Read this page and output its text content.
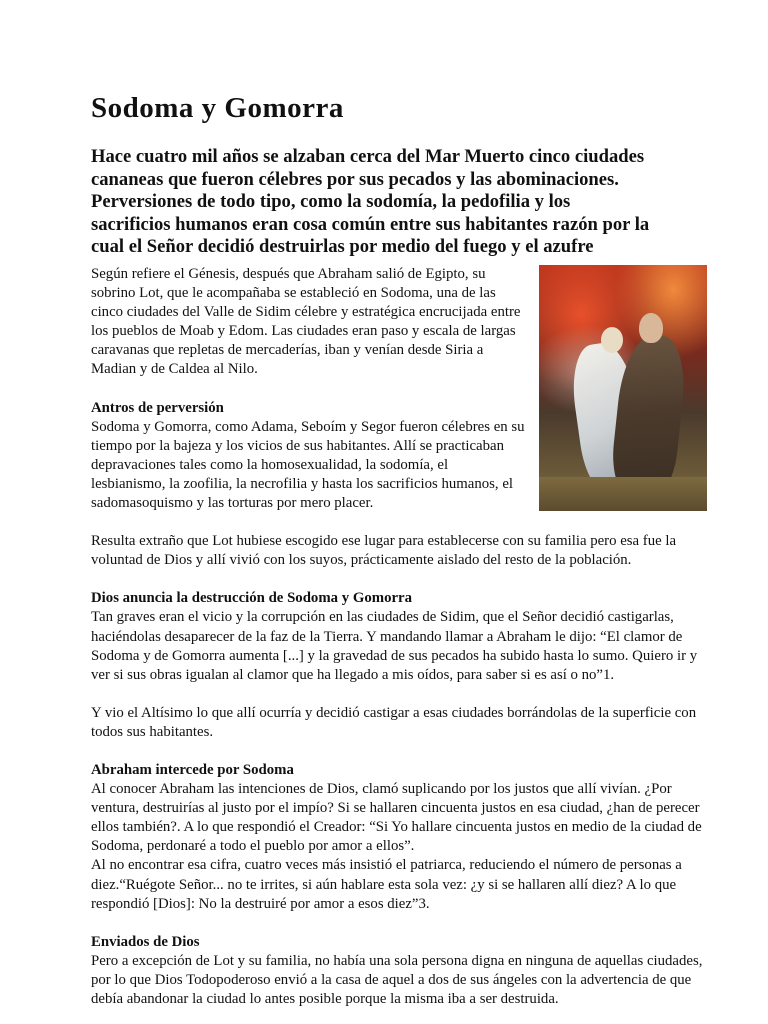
Sodoma y Gomorra

Hace cuatro mil años se alzaban cerca del Mar Muerto cinco ciudades cananeas que fueron célebres por sus pecados y las abominaciones. Perversiones de todo tipo, como la sodomía, la pedofilia y los sacrificios humanos eran cosa común entre sus habitantes razón por la cual el Señor decidió destruirlas por medio del fuego y el azufre

Según refiere el Génesis, después que Abraham salió de Egipto, su sobrino Lot, que le acompañaba se estableció en Sodoma, una de las cinco ciudades del Valle de Sidim célebre y estratégica encrucijada entre los pueblos de Moab y Edom. Las ciudades eran paso y escala de largas caravanas que repletas de mercaderías, iban y venían desde Siria a Madian y de Caldea al Nilo.

Antros de perversión

Sodoma y Gomorra, como Adama, Seboím y Segor fueron célebres en su tiempo por la bajeza y los vicios de sus habitantes. Allí se practicaban depravaciones tales como la homosexualidad, la sodomía, el lesbianismo, la zoofilia, la necrofilia y hasta los sacrificios humanos, el sadomasoquismo y las torturas por mero placer.

Resulta extraño que Lot hubiese escogido ese lugar para establecerse con su familia pero esa fue la voluntad de Dios y allí vivió con los suyos, prácticamente aislado del resto de la población.

Dios anuncia la destrucción de Sodoma y Gomorra

Tan graves eran el vicio y la corrupción en las ciudades de Sidim, que el Señor decidió castigarlas, haciéndolas desaparecer de la faz de la Tierra. Y mandando llamar a Abraham le dijo: “El clamor de Sodoma y de Gomorra aumenta [...] y la gravedad de sus pecados ha subido hasta lo sumo. Quiero ir y ver si sus obras igualan al clamor que ha llegado a mis oídos, para saber si es así o no”1.

Y vio el Altísimo lo que allí ocurría y decidió castigar a esas ciudades borrándolas de la superficie con todos sus habitantes.

Abraham intercede por Sodoma

Al conocer Abraham las intenciones de Dios, clamó suplicando por los justos que allí vivían. ¿Por ventura, destruirías al justo por el impío? Si se hallaren cincuenta justos en esa ciudad, ¿han de perecer ellos también?. A lo que respondió el Creador: “Si Yo hallare cincuenta justos en medio de la ciudad de Sodoma, perdonaré a todo el pueblo por amor a ellos”.

Al no encontrar esa cifra, cuatro veces más insistió el patriarca, reduciendo el número de personas a diez.“Ruégote Señor... no te irrites, si aún hablare esta sola vez: ¿y si se hallaren allí diez? A lo que respondió [Dios]: No la destruiré por amor a esos diez”3.

Enviados de Dios

Pero a excepción de Lot y su familia, no había una sola persona digna en ninguna de aquellas ciudades, por lo que Dios Todopoderoso envió a la casa de aquel a dos de sus ángeles con la advertencia de que debía abandonar la ciudad lo antes posible porque la misma iba a ser destruida.
